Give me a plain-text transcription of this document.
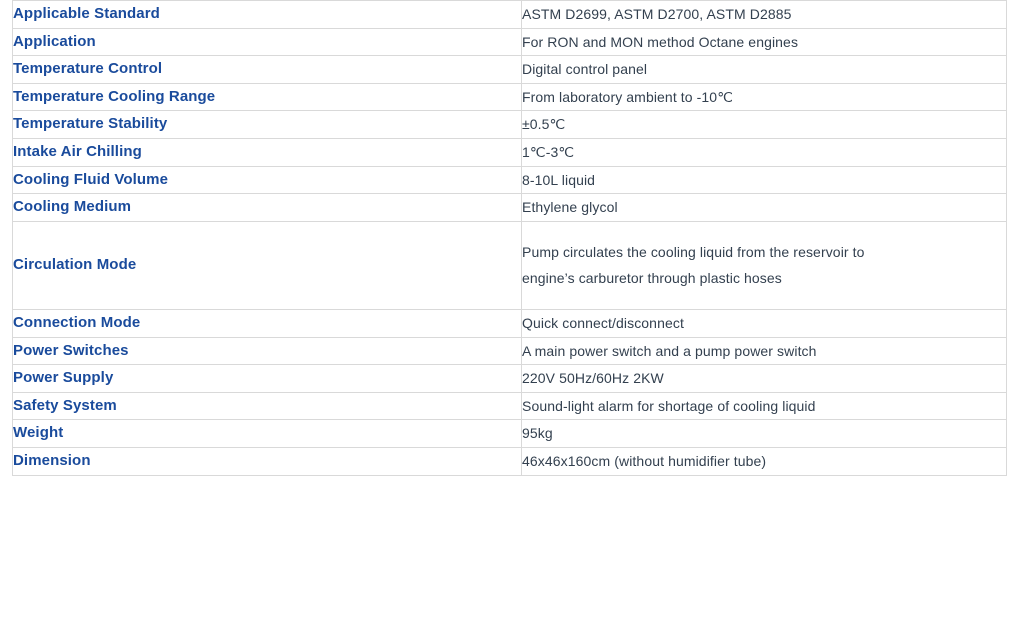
Applicable Standard	ASTM D2699, ASTM D2700, ASTM D2885
Application	For RON and MON method Octane engines
Temperature Control	Digital control panel
Temperature Cooling Range	From laboratory ambient to -10℃
Temperature Stability	±0.5℃
Intake Air Chilling	1℃-3℃
Cooling Fluid Volume	8-10L liquid
Cooling Medium	Ethylene glycol
Circulation Mode	Pump circulates the cooling liquid from the reservoir to
engine’s carburetor through plastic hoses

Connection Mode	Quick connect/disconnect
Power Switches	A main power switch and a pump power switch
Power Supply	220V 50Hz/60Hz 2KW
Safety System	Sound-light alarm for shortage of cooling liquid
Weight	95kg
Dimension	46x46x160cm (without humidifier tube)
